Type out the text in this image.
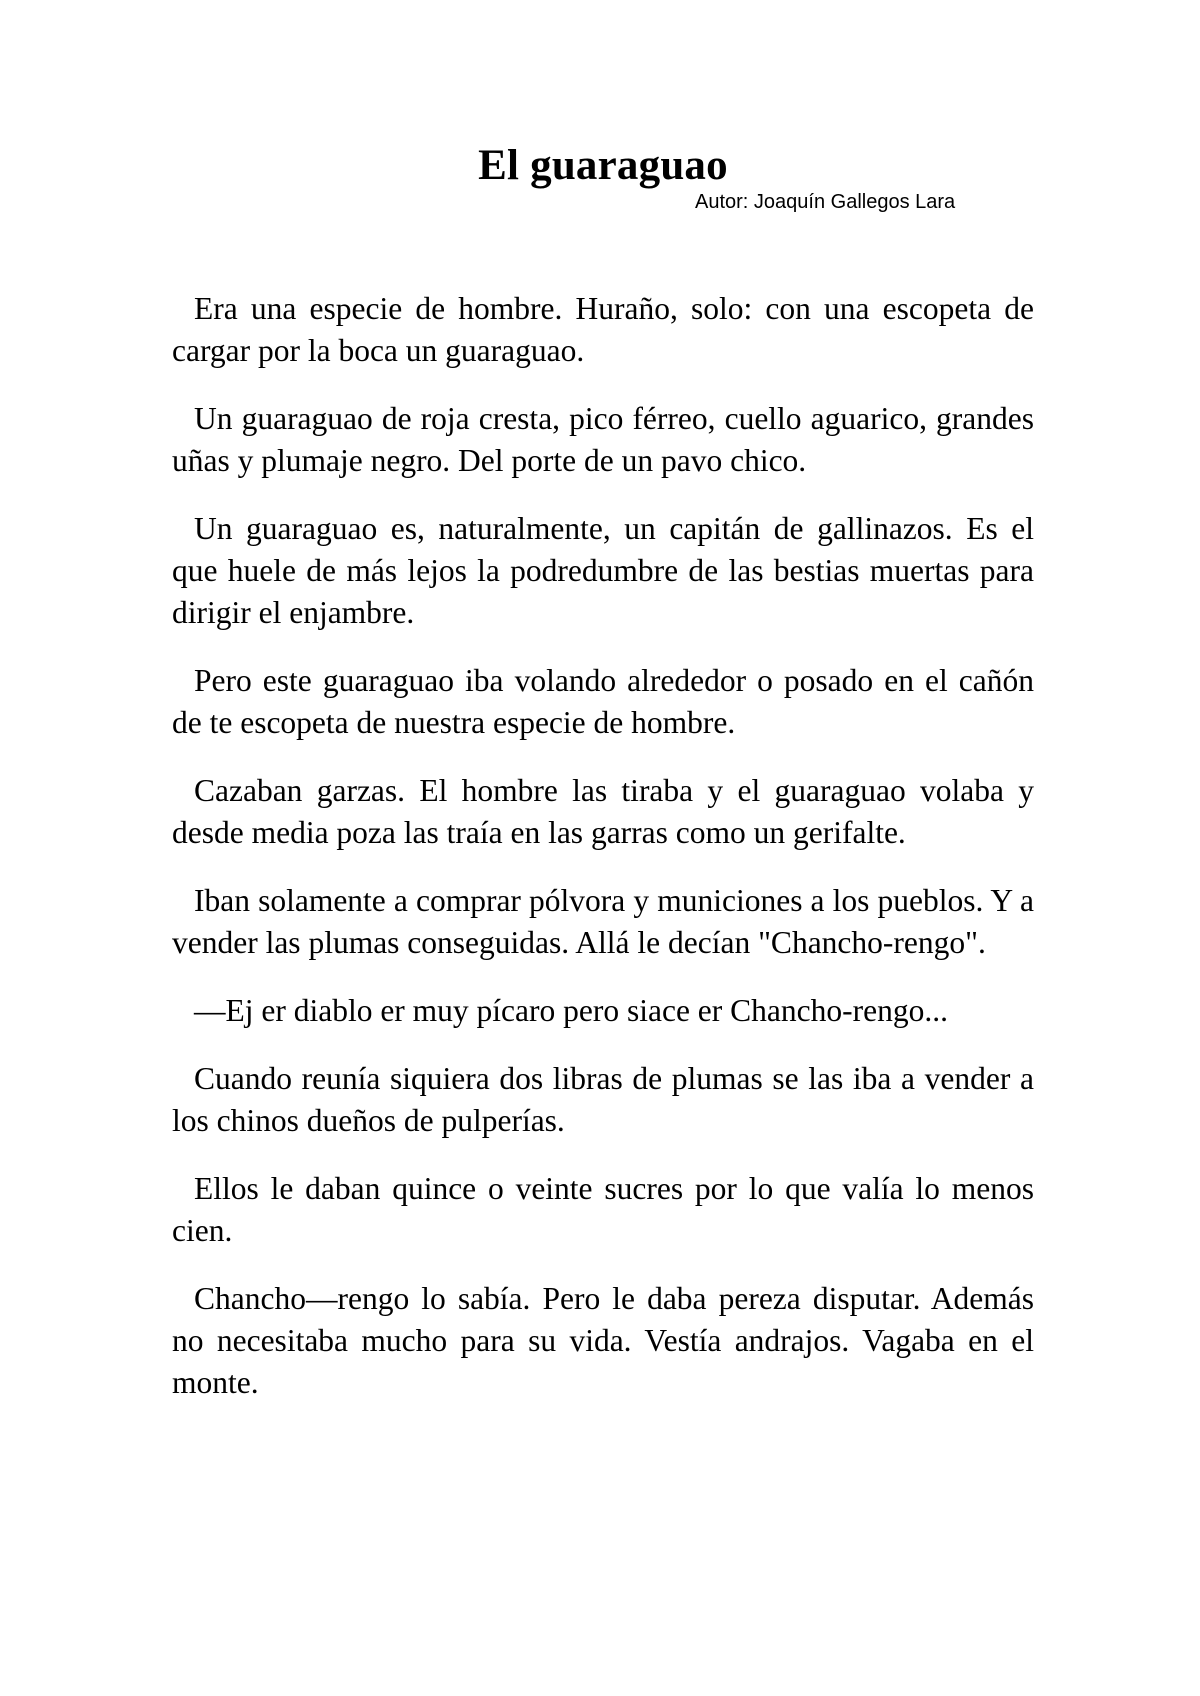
El guaraguao

Autor: Joaquín Gallegos Lara

Era una especie de hombre. Huraño, solo: con una escopeta de cargar por la boca un guaraguao.

Un guaraguao de roja cresta, pico férreo, cuello aguarico, grandes uñas y plumaje negro. Del porte de un pavo chico.

Un guaraguao es, naturalmente, un capitán de gallinazos. Es el que huele de más lejos la podredumbre de las bestias muertas para dirigir el enjambre.

Pero este guaraguao iba volando alrededor o posado en el cañón de te escopeta de nuestra especie de hombre.

Cazaban garzas. El hombre las tiraba y el guaraguao volaba y desde media poza las traía en las garras como un gerifalte.

Iban solamente a comprar pólvora y municiones a los pueblos. Y a vender las plumas conseguidas. Allá le decían "Chancho-rengo".

—Ej er diablo er muy pícaro pero siace er Chancho-rengo...

Cuando reunía siquiera dos libras de plumas se las iba a vender a los chinos dueños de pulperías.

Ellos le daban quince o veinte sucres por lo que valía lo menos cien.

Chancho—rengo lo sabía. Pero le daba pereza disputar. Además no necesitaba mucho para su vida. Vestía andrajos. Vagaba en el monte.
